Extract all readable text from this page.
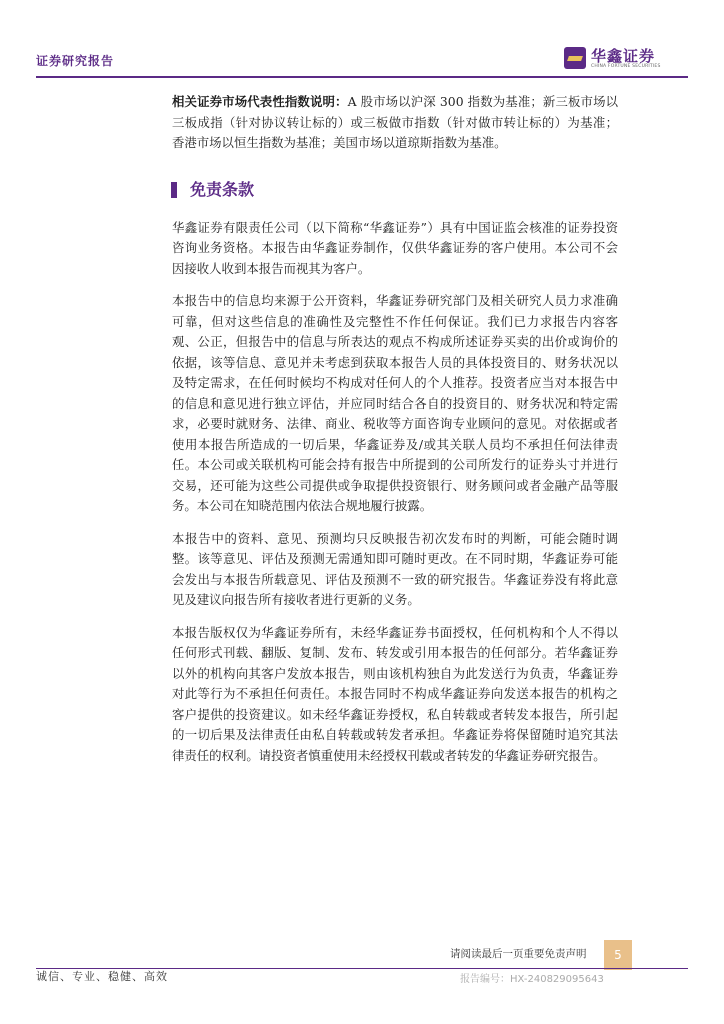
证券研究报告	华鑫证券
CHINA FORTUNE SECURITIES

相关证券市场代表性指数说明：A 股市场以沪深 300 指数为基准；新三板市场以三板成指（针对协议转让标的）或三板做市指数（针对做市转让标的）为基准；香港市场以恒生指数为基准；美国市场以道琼斯指数为基准。

免责条款

华鑫证券有限责任公司（以下简称“华鑫证券”）具有中国证监会核准的证券投资咨询业务资格。本报告由华鑫证券制作，仅供华鑫证券的客户使用。本公司不会因接收人收到本报告而视其为客户。

本报告中的信息均来源于公开资料，华鑫证券研究部门及相关研究人员力求准确可靠，但对这些信息的准确性及完整性不作任何保证。我们已力求报告内容客观、公正，但报告中的信息与所表达的观点不构成所述证券买卖的出价或询价的依据，该等信息、意见并未考虑到获取本报告人员的具体投资目的、财务状况以及特定需求，在任何时候均不构成对任何人的个人推荐。投资者应当对本报告中的信息和意见进行独立评估，并应同时结合各自的投资目的、财务状况和特定需求，必要时就财务、法律、商业、税收等方面咨询专业顾问的意见。对依据或者使用本报告所造成的一切后果，华鑫证券及/或其关联人员均不承担任何法律责任。本公司或关联机构可能会持有报告中所提到的公司所发行的证券头寸并进行交易，还可能为这些公司提供或争取提供投资银行、财务顾问或者金融产品等服务。本公司在知晓范围内依法合规地履行披露。

本报告中的资料、意见、预测均只反映报告初次发布时的判断，可能会随时调整。该等意见、评估及预测无需通知即可随时更改。在不同时期，华鑫证券可能会发出与本报告所载意见、评估及预测不一致的研究报告。华鑫证券没有将此意见及建议向报告所有接收者进行更新的义务。

本报告版权仅为华鑫证券所有，未经华鑫证券书面授权，任何机构和个人不得以任何形式刊载、翻版、复制、发布、转发或引用本报告的任何部分。若华鑫证券以外的机构向其客户发放本报告，则由该机构独自为此发送行为负责，华鑫证券对此等行为不承担任何责任。本报告同时不构成华鑫证券向发送本报告的机构之客户提供的投资建议。如未经华鑫证券授权，私自转载或者转发本报告，所引起的一切后果及法律责任由私自转载或转发者承担。华鑫证券将保留随时追究其法律责任的权利。请投资者慎重使用未经授权刊载或者转发的华鑫证券研究报告。

请阅读最后一页重要免责声明	5
诚信、专业、稳健、高效	报告编号：HX-240829095643
